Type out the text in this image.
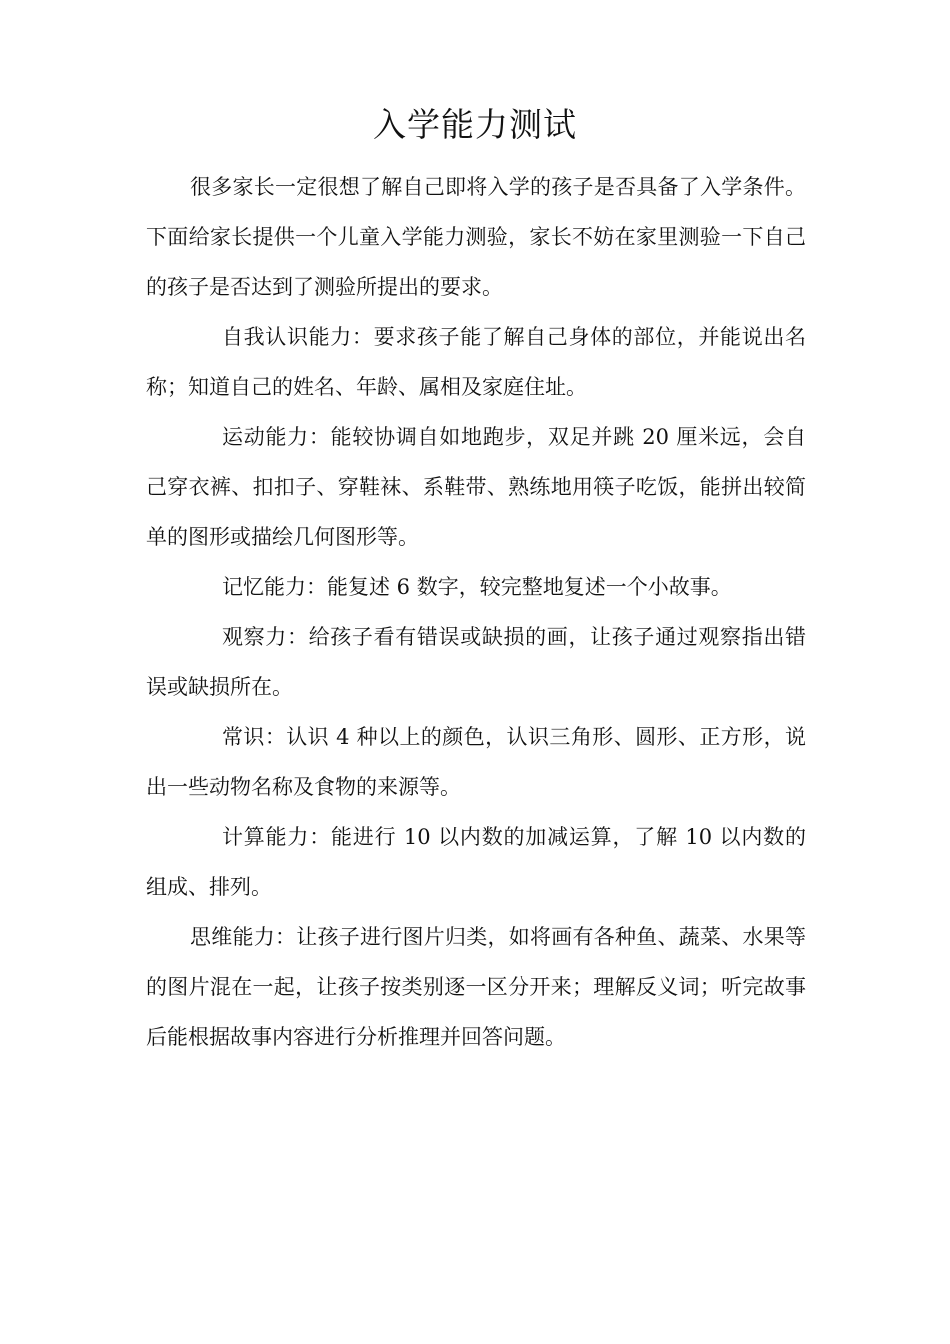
入学能力测试

很多家长一定很想了解自己即将入学的孩子是否具备了入学条件。下面给家长提供一个儿童入学能力测验，家长不妨在家里测验一下自己的孩子是否达到了测验所提出的要求。

自我认识能力：要求孩子能了解自己身体的部位，并能说出名称；知道自己的姓名、年龄、属相及家庭住址。

运动能力：能较协调自如地跑步，双足并跳 20 厘米远，会自己穿衣裤、扣扣子、穿鞋袜、系鞋带、熟练地用筷子吃饭，能拼出较简单的图形或描绘几何图形等。

记忆能力：能复述 6 数字，较完整地复述一个小故事。

观察力：给孩子看有错误或缺损的画，让孩子通过观察指出错误或缺损所在。

常识：认识 4 种以上的颜色，认识三角形、圆形、正方形，说出一些动物名称及食物的来源等。

计算能力：能进行 10 以内数的加减运算，了解 10 以内数的组成、排列。

思维能力：让孩子进行图片归类，如将画有各种鱼、蔬菜、水果等的图片混在一起，让孩子按类别逐一区分开来；理解反义词；听完故事后能根据故事内容进行分析推理并回答问题。
